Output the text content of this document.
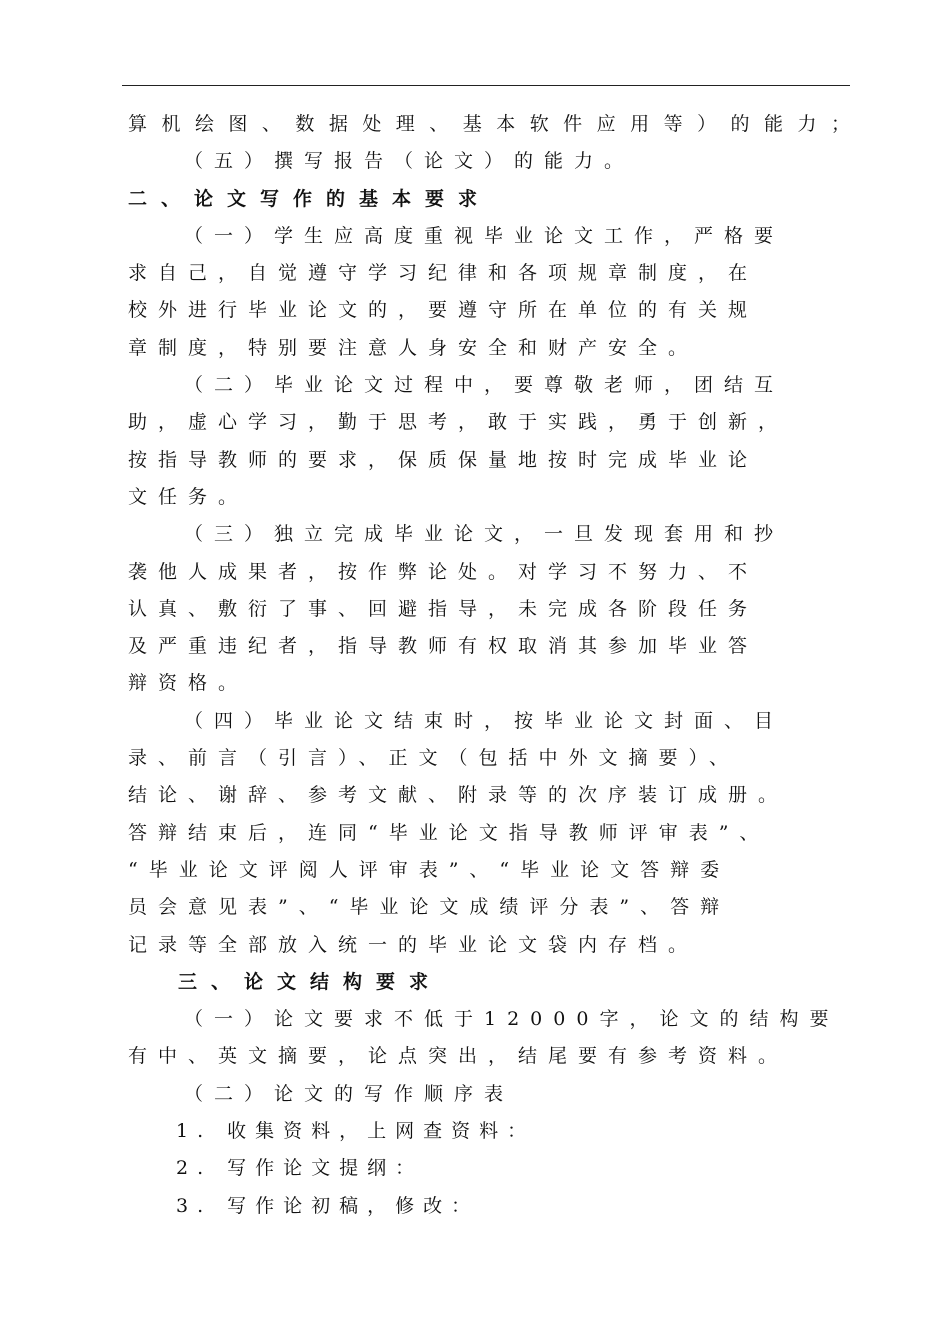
算机绘图、数据处理、基本软件应用等）的能力；
（五）撰写报告（论文）的能力。
二、论文写作的基本要求
（一）学生应高度重视毕业论文工作，严格要
求自己，自觉遵守学习纪律和各项规章制度，在
校外进行毕业论文的，要遵守所在单位的有关规
章制度，特别要注意人身安全和财产安全。
（二）毕业论文过程中，要尊敬老师，团结互
助，虚心学习，勤于思考，敢于实践，勇于创新，
按指导教师的要求，保质保量地按时完成毕业论
文任务。
（三）独立完成毕业论文，一旦发现套用和抄
袭他人成果者，按作弊论处。对学习不努力、不
认真、敷衍了事、回避指导，未完成各阶段任务
及严重违纪者，指导教师有权取消其参加毕业答
辩资格。
（四）毕业论文结束时，按毕业论文封面、目
录、前言（引言）、正文（包括中外文摘要）、
结论、谢辞、参考文献、附录等的次序装订成册。
答辩结束后，连同“毕业论文指导教师评审表”、
“毕业论文评阅人评审表”、“毕业论文答辩委
员会意见表”、“毕业论文成绩评分表”、答辩
记录等全部放入统一的毕业论文袋内存档。
三、论文结构要求
（一）论文要求不低于12000字，论文的结构要
有中、英文摘要，论点突出，结尾要有参考资料。
（二）论文的写作顺序表
1. 收集资料，上网查资料：
2. 写作论文提纲：
3. 写作论初稿，修改：
